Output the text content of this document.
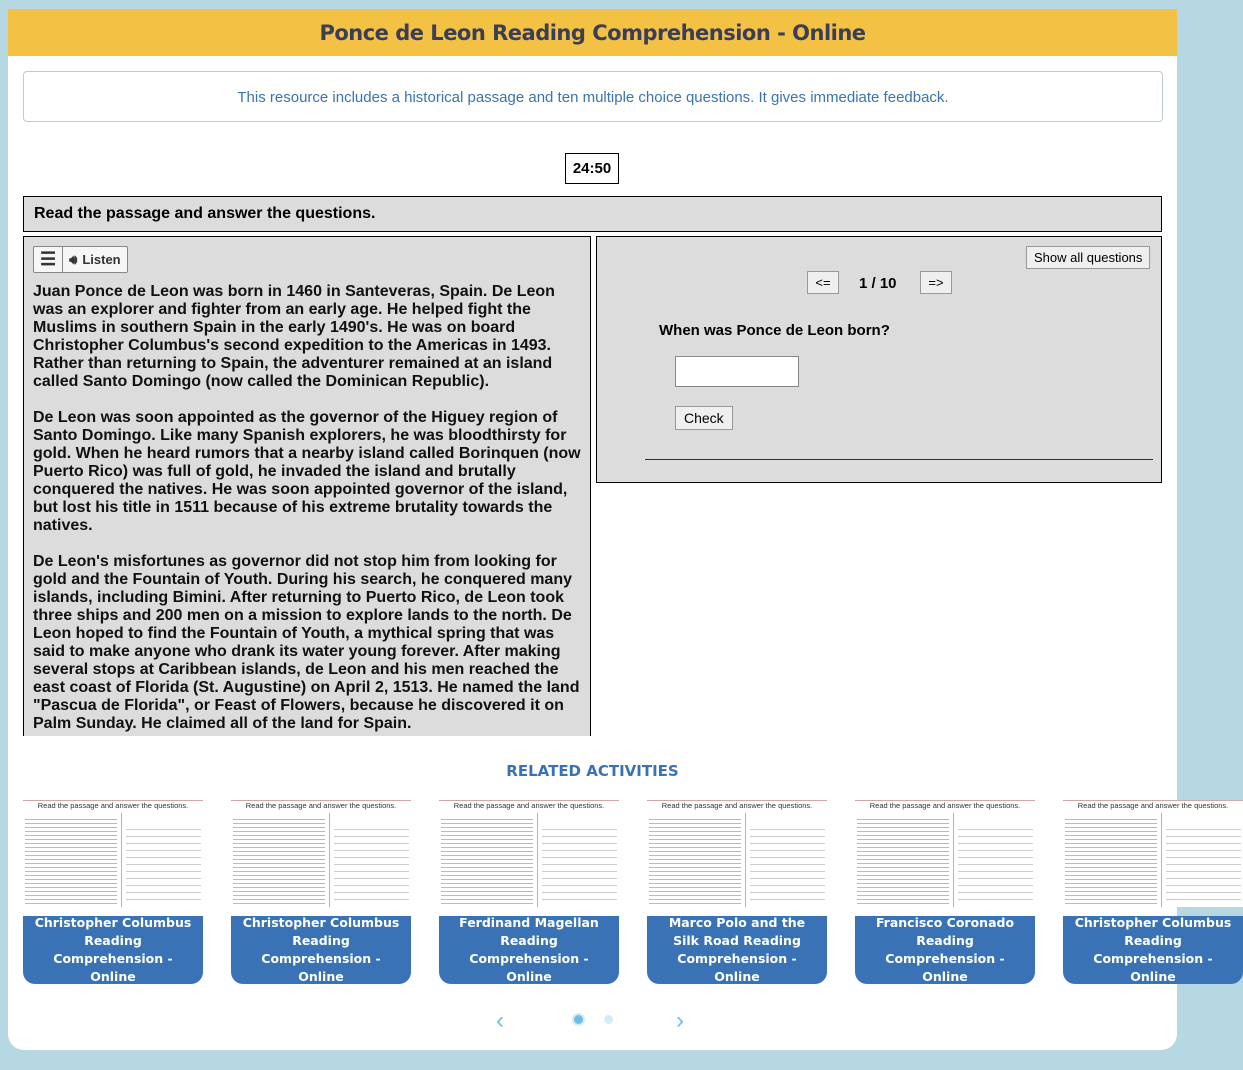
Ponce de Leon Reading Comprehension - Online
This resource includes a historical passage and ten multiple choice questions. It gives immediate feedback.
24:50
Read the passage and answer the questions.
☰	🔊︎ Listen

Juan Ponce de Leon was born in 1460 in Santeveras, Spain. De Leon was an explorer and fighter from an early age. He helped fight the Muslims in southern Spain in the early 1490's. He was on board Christopher Columbus's second expedition to the Americas in 1493. Rather than returning to Spain, the adventurer remained at an island called Santo Domingo (now called the Dominican Republic).

De Leon was soon appointed as the governor of the Higuey region of Santo Domingo. Like many Spanish explorers, he was bloodthirsty for gold. When he heard rumors that a nearby island called Borinquen (now Puerto Rico) was full of gold, he invaded the island and brutally conquered the natives. He was soon appointed governor of the island, but lost his title in 1511 because of his extreme brutality towards the natives.

De Leon's misfortunes as governor did not stop him from looking for gold and the Fountain of Youth. During his search, he conquered many islands, including Bimini. After returning to Puerto Rico, de Leon took three ships and 200 men on a mission to explore lands to the north. De Leon hoped to find the Fountain of Youth, a mythical spring that was said to make anyone who drank its water young forever. After making several stops at Caribbean islands, de Leon and his men reached the east coast of Florida (St. Augustine) on April 2, 1513. He named the land "Pascua de Florida", or Feast of Flowers, because he discovered it on Palm Sunday. He claimed all of the land for Spain.

Show all questions
<=	1 / 10	=>
When was Ponce de Leon born?
Check
RELATED ACTIVITIES
Read the passage and answer the questions.
Christopher Columbus Reading Comprehension - Online
Read the passage and answer the questions.
Christopher Columbus Reading Comprehension - Online
Read the passage and answer the questions.
Ferdinand Magellan Reading Comprehension - Online
Read the passage and answer the questions.
Marco Polo and the Silk Road Reading Comprehension - Online
Read the passage and answer the questions.
Francisco Coronado Reading Comprehension - Online
Read the passage and answer the questions.
Christopher Columbus Reading Comprehension - Online
‹	›
